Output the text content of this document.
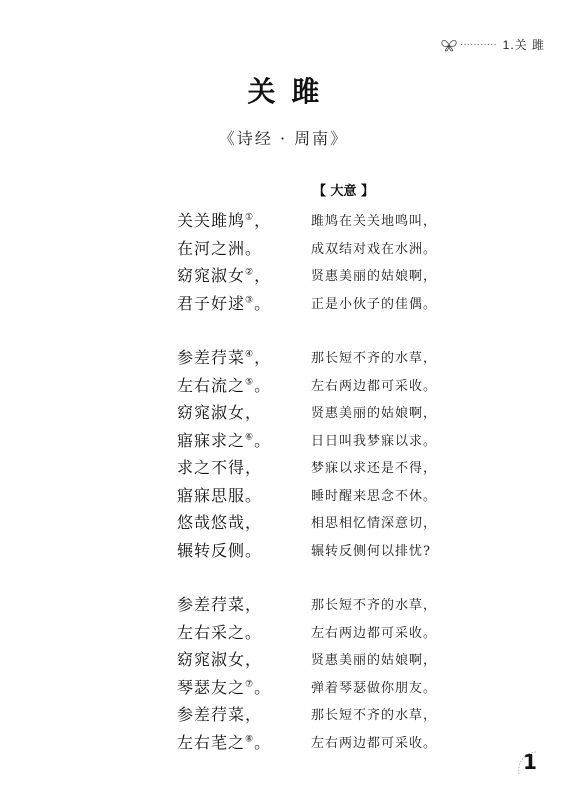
··········· 1.关 雎
关雎
《诗经 · 周南》
【 大意 】
关关雎鸠①，	雎鸠在关关地鸣叫，
在河之洲。	成双结对戏在水洲。
窈窕淑女②，	贤惠美丽的姑娘啊，
君子好逑③。	正是小伙子的佳偶。
参差荇菜④，	那长短不齐的水草，
左右流之⑤。	左右两边都可采收。
窈窕淑女，	贤惠美丽的姑娘啊，
寤寐求之⑥。	日日叫我梦寐以求。
求之不得，	梦寐以求还是不得，
寤寐思服。	睡时醒来思念不休。
悠哉悠哉，	相思相忆情深意切，
辗转反侧。	辗转反侧何以排忧?
参差荇菜，	那长短不齐的水草，
左右采之。	左右两边都可采收。
窈窕淑女，	贤惠美丽的姑娘啊，
琴瑟友之⑦。	弹着琴瑟做你朋友。
参差荇菜，	那长短不齐的水草，
左右芼之⑧。	左右两边都可采收。
1
